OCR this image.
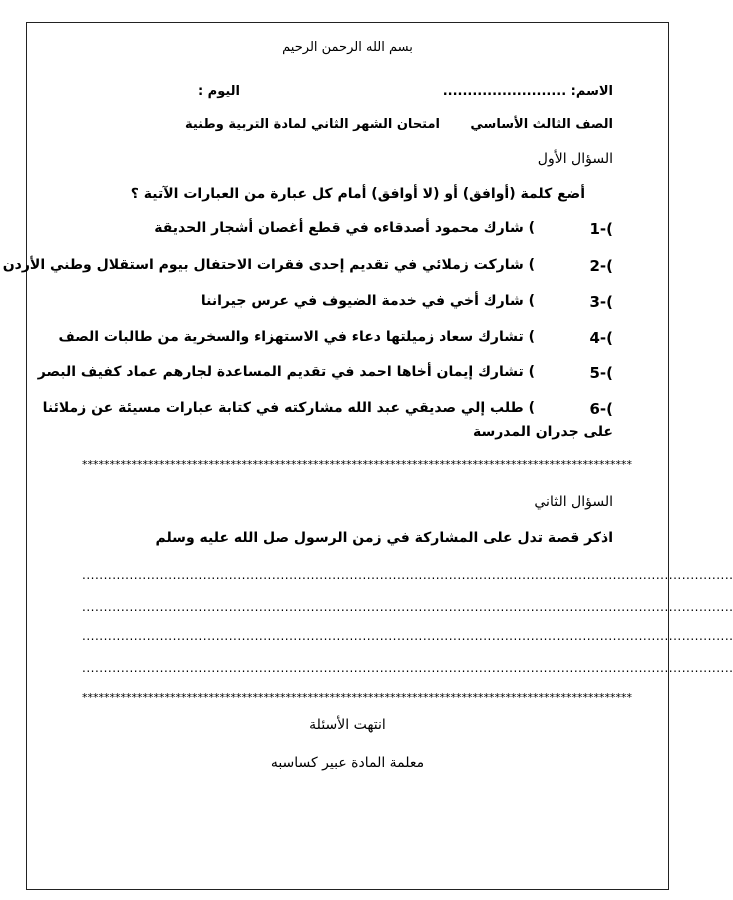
بسم الله الرحمن الرحيم
الاسم: .........................
اليوم :
الصف الثالث الأساسي
امتحان الشهر الثاني لمادة التربية وطنية
السؤال الأول
أضع كلمة (أوافق) أو (لا أوافق) أمام كل عبارة من العبارات الآتية ؟
1-(
) شارك محمود أصدقاءه في قطع أغصان أشجار الحديقة
2-(
) شاركت زملائي في تقديم إحدى فقرات الاحتفال بيوم استقلال وطني الأردن
3-(
) شارك أخي في خدمة الضيوف في عرس جيراننا
4-(
) تشارك سعاد زميلتها دعاء في الاستهزاء والسخرية من طالبات الصف
5-(
) تشارك إيمان أخاها احمد في تقديم المساعدة لجارهم عماد كفيف البصر
6-(
) طلب إلي صديقي عبد الله مشاركته في كتابة عبارات مسيئة عن زملائنا
على جدران المدرسة
****************************************************************************************************
السؤال الثاني
اذكر قصة تدل على المشاركة في زمن الرسول صل الله عليه وسلم
.......................................................................................................................................................
.......................................................................................................................................................
.......................................................................................................................................................
.......................................................................................................................................................
****************************************************************************************************
انتهت الأسئلة
معلمة المادة عبير كساسبه
